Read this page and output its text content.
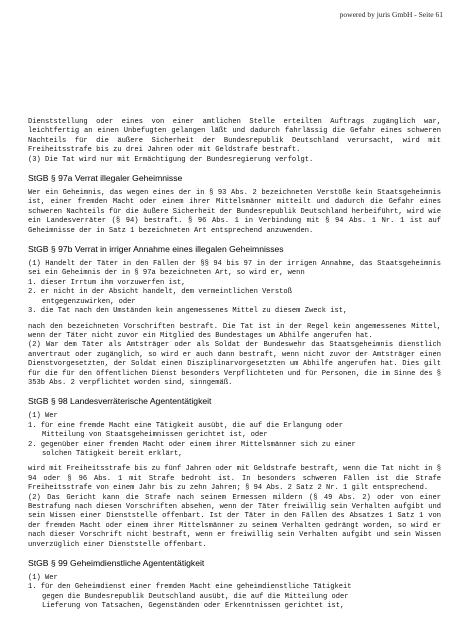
powered by juris GmbH - Seite 61

Dienststellung oder eines von einer amtlichen Stelle erteilten Auftrags zugänglich war, leichtfertig an einen Unbefugten gelangen läßt und dadurch fahrlässig die Gefahr eines schweren Nachteils für die äußere Sicherheit der Bundesrepublik Deutschland verursacht, wird mit Freiheitsstrafe bis zu drei Jahren oder mit Geldstrafe bestraft.

(3) Die Tat wird nur mit Ermächtigung der Bundesregierung verfolgt.

StGB § 97a Verrat illegaler Geheimnisse

Wer ein Geheimnis, das wegen eines der in § 93 Abs. 2 bezeichneten Verstöße kein Staatsgeheimnis ist, einer fremden Macht oder einem ihrer Mittelsmänner mitteilt und dadurch die Gefahr eines schweren Nachteils für die äußere Sicherheit der Bundesrepublik Deutschland herbeiführt, wird wie ein Landesverräter (§ 94) bestraft. § 96 Abs. 1 in Verbindung mit § 94 Abs. 1 Nr. 1 ist auf Geheimnisse der in Satz 1 bezeichneten Art entsprechend anzuwenden.

StGB § 97b Verrat in irriger Annahme eines illegalen Geheimnisses

(1) Handelt der Täter in den Fällen der §§ 94 bis 97 in der irrigen Annahme, das Staatsgeheimnis sei ein Geheimnis der in § 97a bezeichneten Art, so wird er, wenn

1. dieser Irrtum ihm vorzuwerfen ist,
2. er nicht in der Absicht handelt, dem vermeintlichen Verstoß
entgegenzuwirken, oder
3. die Tat nach den Umständen kein angemessenes Mittel zu diesem Zweck ist,

nach den bezeichneten Vorschriften bestraft. Die Tat ist in der Regel kein angemessenes Mittel, wenn der Täter nicht zuvor ein Mitglied des Bundestages um Abhilfe angerufen hat.

(2) War dem Täter als Amtsträger oder als Soldat der Bundeswehr das Staatsgeheimnis dienstlich anvertraut oder zugänglich, so wird er auch dann bestraft, wenn nicht zuvor der Amtsträger einen Dienstvorgesetzten, der Soldat einen Disziplinarvorgesetzten um Abhilfe angerufen hat. Dies gilt für die für den öffentlichen Dienst besonders Verpflichteten und für Personen, die im Sinne des § 353b Abs. 2 verpflichtet worden sind, sinngemäß.

StGB § 98 Landesverräterische Agententätigkeit
(1) Wer
1. für eine fremde Macht eine Tätigkeit ausübt, die auf die Erlangung oder
Mitteilung von Staatsgeheimnissen gerichtet ist, oder
2. gegenüber einer fremden Macht oder einem ihrer Mittelsmänner sich zu einer
solchen Tätigkeit bereit erklärt,

wird mit Freiheitsstrafe bis zu fünf Jahren oder mit Geldstrafe bestraft, wenn die Tat nicht in § 94 oder § 96 Abs. 1 mit Strafe bedroht ist. In besonders schweren Fällen ist die Strafe Freiheitsstrafe von einem Jahr bis zu zehn Jahren; § 94 Abs. 2 Satz 2 Nr. 1 gilt entsprechend.

(2) Das Gericht kann die Strafe nach seinem Ermessen mildern (§ 49 Abs. 2) oder von einer Bestrafung nach diesen Vorschriften absehen, wenn der Täter freiwillig sein Verhalten aufgibt und sein Wissen einer Dienststelle offenbart. Ist der Täter in den Fällen des Absatzes 1 Satz 1 von der fremden Macht oder einem ihrer Mittelsmänner zu seinem Verhalten gedrängt worden, so wird er nach dieser Vorschrift nicht bestraft, wenn er freiwillig sein Verhalten aufgibt und sein Wissen unverzüglich einer Dienststelle offenbart.

StGB § 99 Geheimdienstliche Agententätigkeit
(1) Wer
1. für den Geheimdienst einer fremden Macht eine geheimdienstliche Tätigkeit
gegen die Bundesrepublik Deutschland ausübt, die auf die Mitteilung oder
Lieferung von Tatsachen, Gegenständen oder Erkenntnissen gerichtet ist,
